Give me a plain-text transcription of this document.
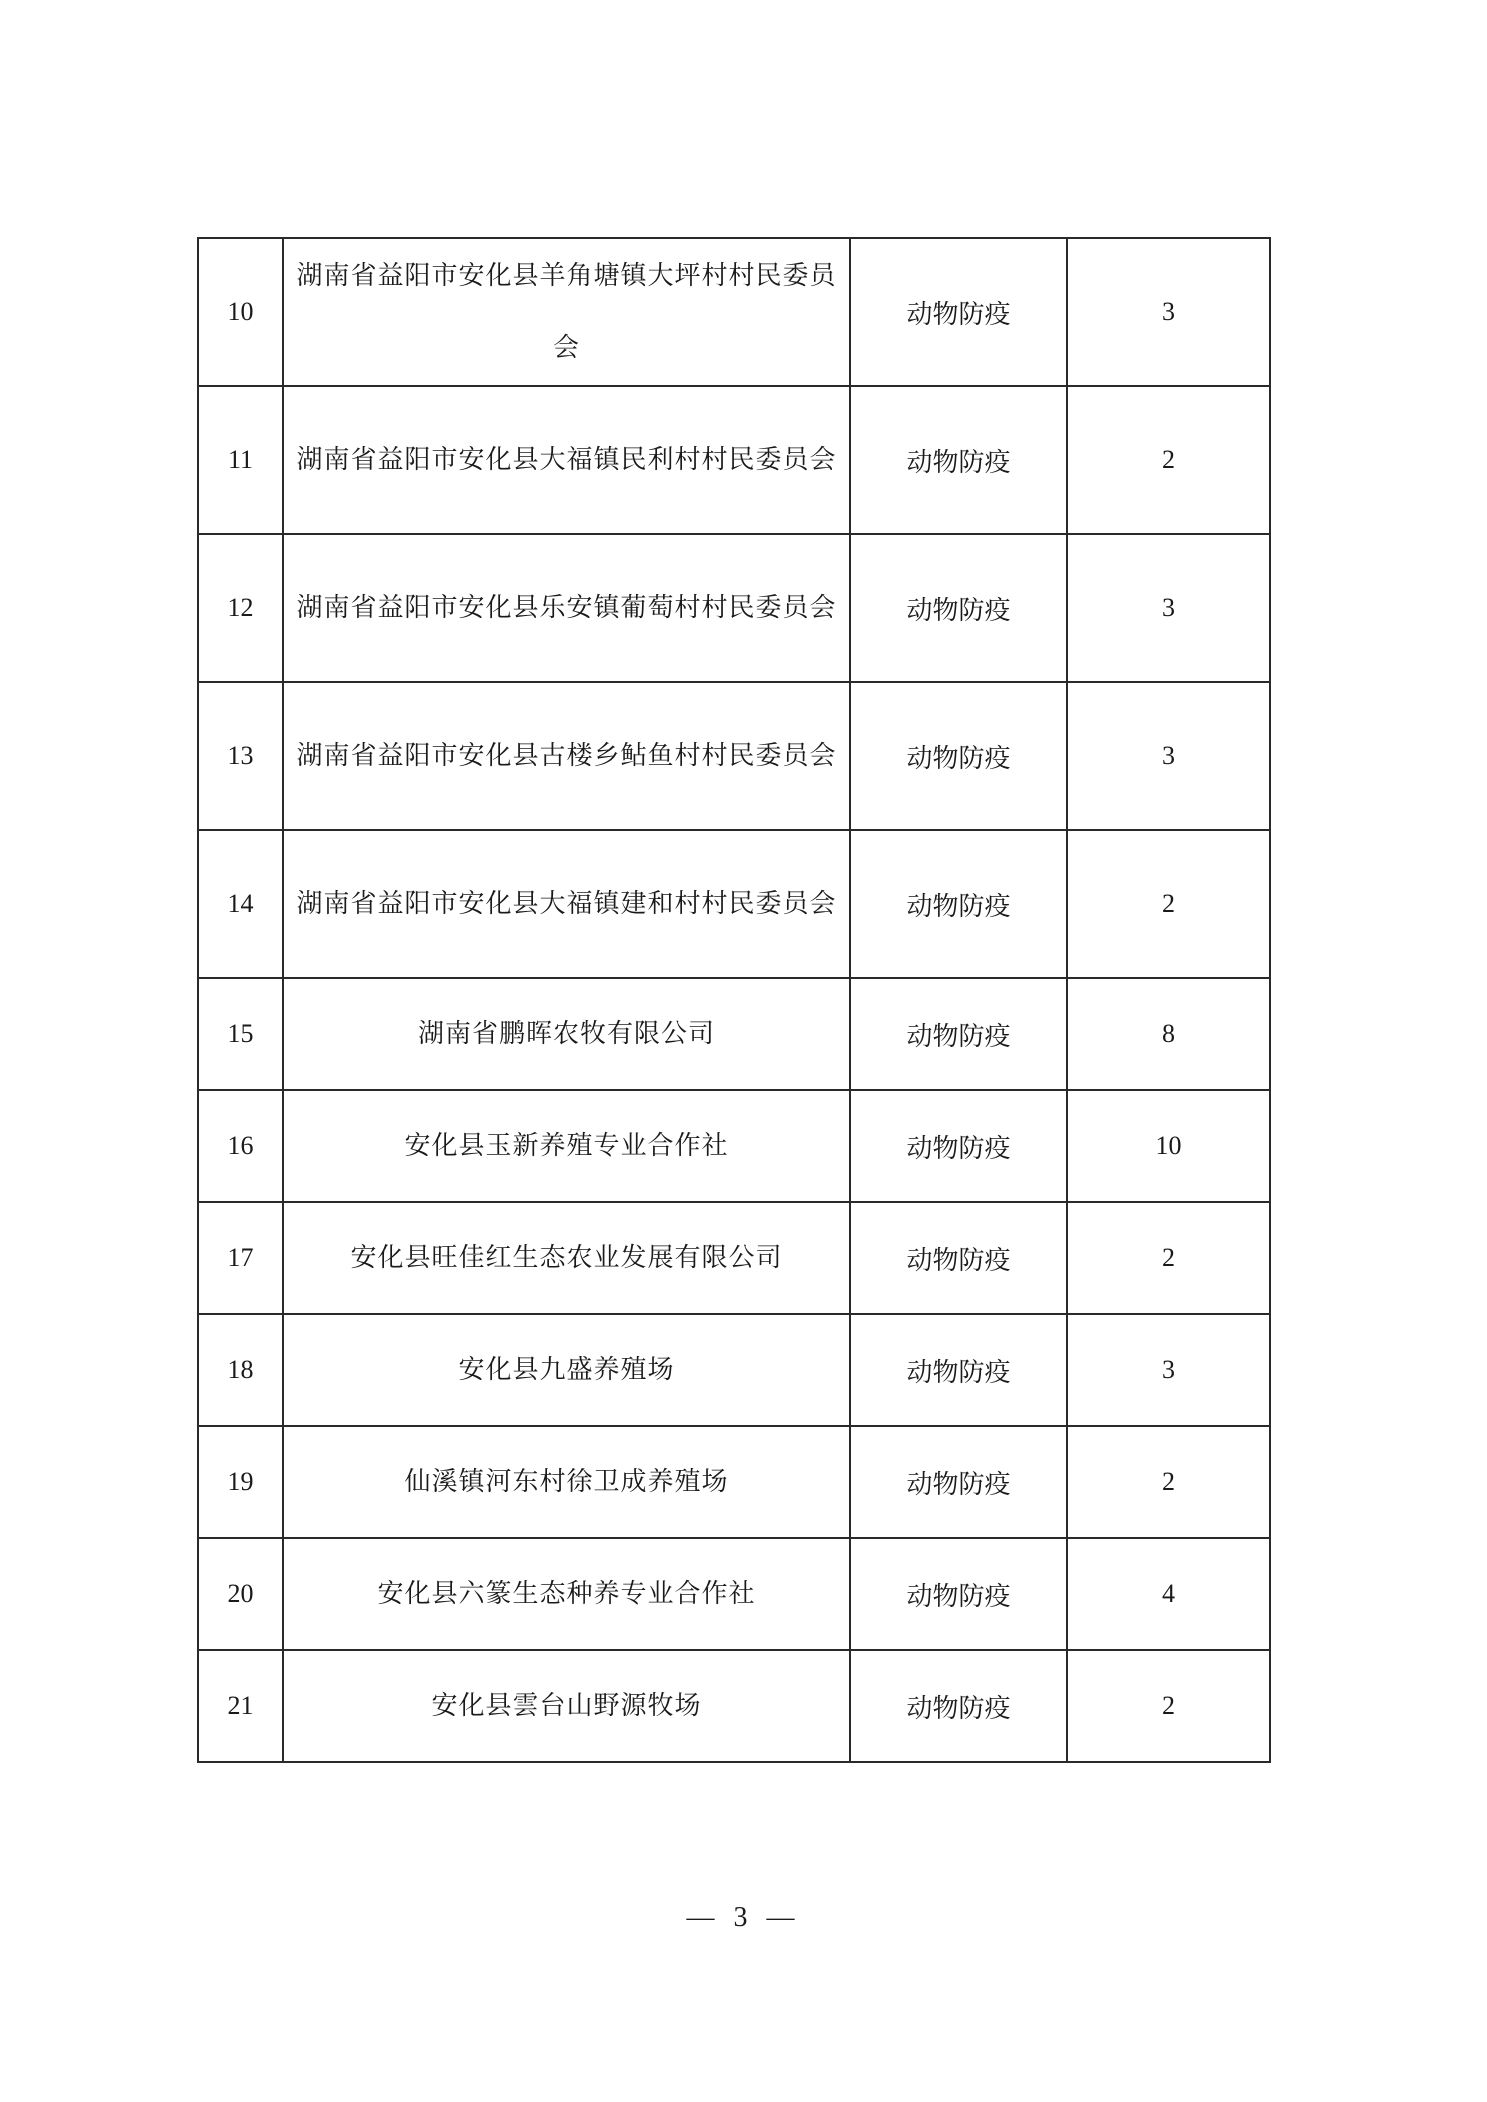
10	湖南省益阳市安化县羊角塘镇大坪村村民委员会	动物防疫	3
11	湖南省益阳市安化县大福镇民利村村民委员会	动物防疫	2
12	湖南省益阳市安化县乐安镇葡萄村村民委员会	动物防疫	3
13	湖南省益阳市安化县古楼乡鲇鱼村村民委员会	动物防疫	3
14	湖南省益阳市安化县大福镇建和村村民委员会	动物防疫	2
15	湖南省鹏晖农牧有限公司	动物防疫	8
16	安化县玉新养殖专业合作社	动物防疫	10
17	安化县旺佳红生态农业发展有限公司	动物防疫	2
18	安化县九盛养殖场	动物防疫	3
19	仙溪镇河东村徐卫成养殖场	动物防疫	2
20	安化县六篆生态种养专业合作社	动物防疫	4
21	安化县雲台山野源牧场	动物防疫	2
— 3 —
